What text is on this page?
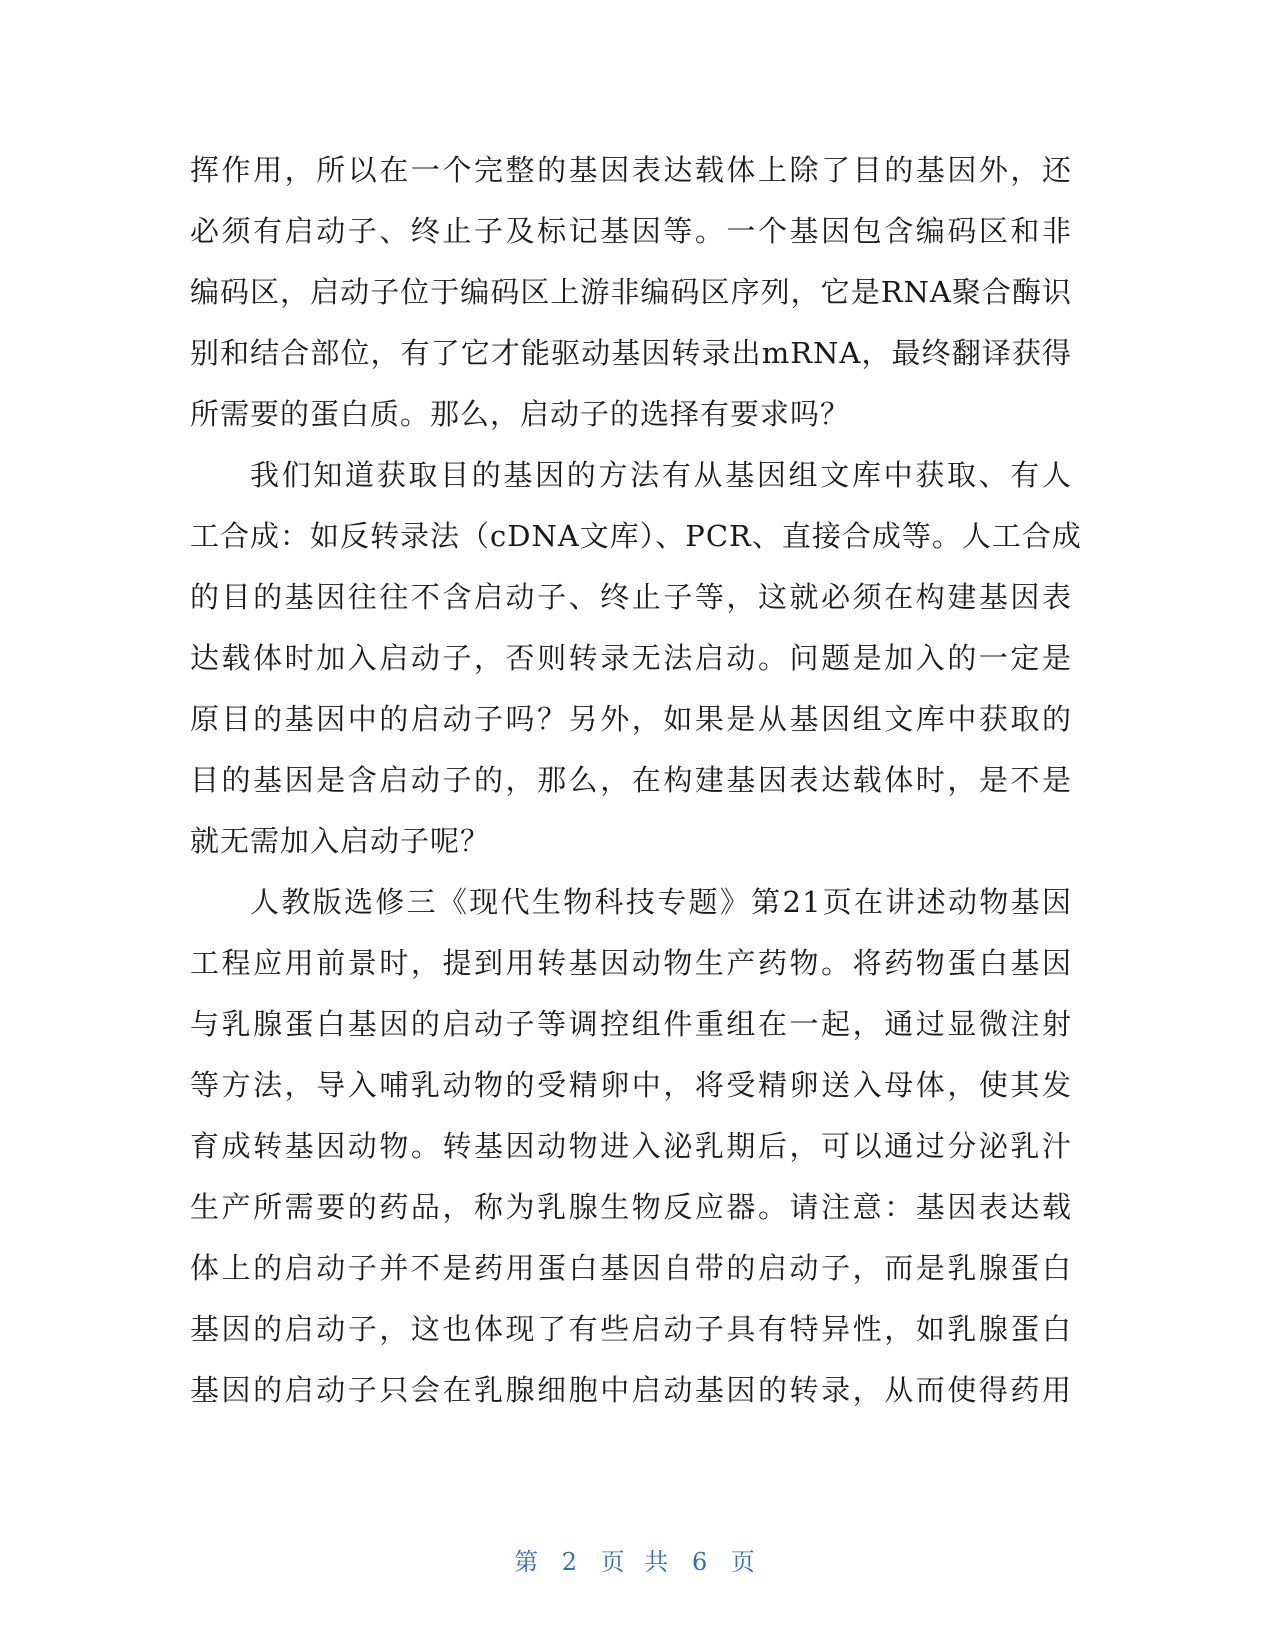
挥作用，所以在一个完整的基因表达载体上除了目的基因外，还
必须有启动子、终止子及标记基因等。一个基因包含编码区和非
编码区，启动子位于编码区上游非编码区序列，它是RNA聚合酶识
别和结合部位，有了它才能驱动基因转录出mRNA，最终翻译获得
所需要的蛋白质。那么，启动子的选择有要求吗？
我们知道获取目的基因的方法有从基因组文库中获取、有人
工合成：如反转录法（cDNA文库）、PCR、直接合成等。人工合成
的目的基因往往不含启动子、终止子等，这就必须在构建基因表
达载体时加入启动子，否则转录无法启动。问题是加入的一定是
原目的基因中的启动子吗？另外，如果是从基因组文库中获取的
目的基因是含启动子的，那么，在构建基因表达载体时，是不是
就无需加入启动子呢？
人教版选修三《现代生物科技专题》第21页在讲述动物基因
工程应用前景时，提到用转基因动物生产药物。将药物蛋白基因
与乳腺蛋白基因的启动子等调控组件重组在一起，通过显微注射
等方法，导入哺乳动物的受精卵中，将受精卵送入母体，使其发
育成转基因动物。转基因动物进入泌乳期后，可以通过分泌乳汁
生产所需要的药品，称为乳腺生物反应器。请注意：基因表达载
体上的启动子并不是药用蛋白基因自带的启动子，而是乳腺蛋白
基因的启动子，这也体现了有些启动子具有特异性，如乳腺蛋白
基因的启动子只会在乳腺细胞中启动基因的转录，从而使得药用
第 2 页 共 6 页
